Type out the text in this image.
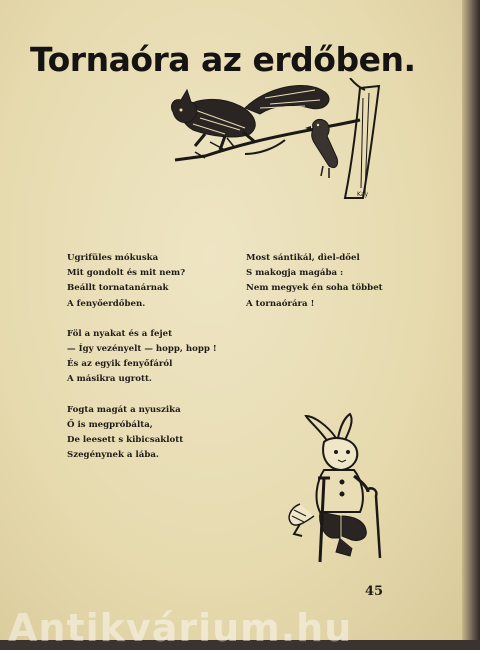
Tornaóra az erdőben.
Kay
Ugrifüles mókuska
Mit gondolt és mit nem?
Beállt tornatanárnak
A fenyőerdőben.
Föl a nyakat és a fejet
— Így vezényelt — hopp, hopp !
És az egyik fenyőfáról
A másikra ugrott.
Fogta magát a nyuszika
Ő is megpróbálta,
De leesett s kibicsaklott
Szegénynek a lába.
Most sántikál, dìel-dőel
S makogja magába :
Nem megyek én soha többet
A tornaórára !
45
Antikvárium.hu
